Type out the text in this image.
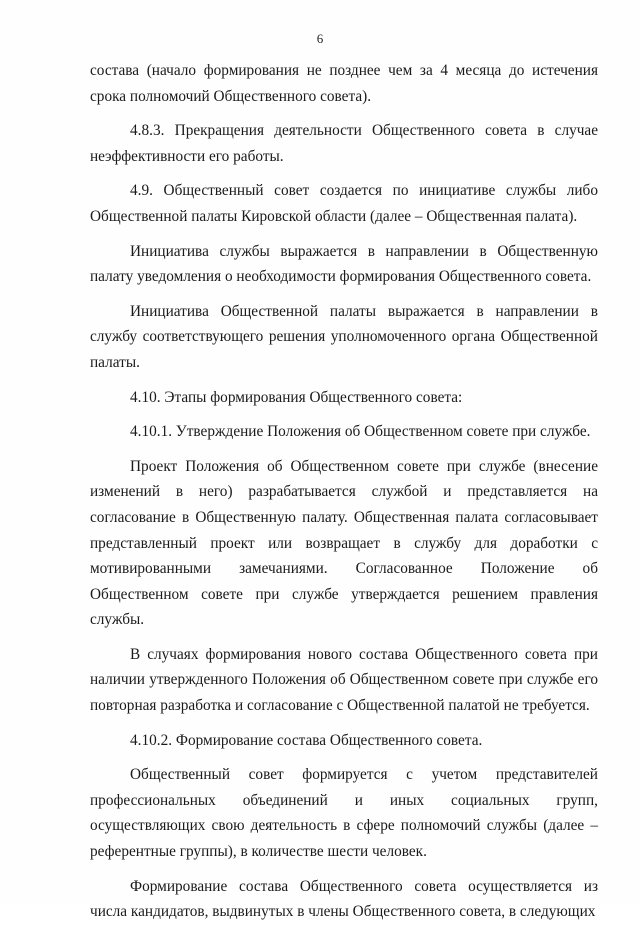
6

состава (начало формирования не позднее чем за 4 месяца до истечения срока полномочий Общественного совета).

4.8.3. Прекращения деятельности Общественного совета в случае неэффективности его работы.

4.9. Общественный совет создается по инициативе службы либо Общественной палаты Кировской области (далее – Общественная палата).

Инициатива службы выражается в направлении в Общественную палату уведомления о необходимости формирования Общественного совета.

Инициатива Общественной палаты выражается в направлении в службу соответствующего решения уполномоченного органа Общественной палаты.

4.10. Этапы формирования Общественного совета:

4.10.1. Утверждение Положения об Общественном совете при службе.

Проект Положения об Общественном совете при службе (внесение изменений в него) разрабатывается службой и представляется на согласование в Общественную палату. Общественная палата согласовывает представленный проект или возвращает в службу для доработки с мотивированными замечаниями. Согласованное Положение об Общественном совете при службе утверждается решением правления службы.

В случаях формирования нового состава Общественного совета при наличии утвержденного Положения об Общественном совете при службе его повторная разработка и согласование с Общественной палатой не требуется.

4.10.2. Формирование состава Общественного совета.

Общественный совет формируется с учетом представителей профессиональных объединений и иных социальных групп, осуществляющих свою деятельность в сфере полномочий службы (далее – референтные группы), в количестве шести человек.

Формирование состава Общественного совета осуществляется из числа кандидатов, выдвинутых в члены Общественного совета, в следующих
